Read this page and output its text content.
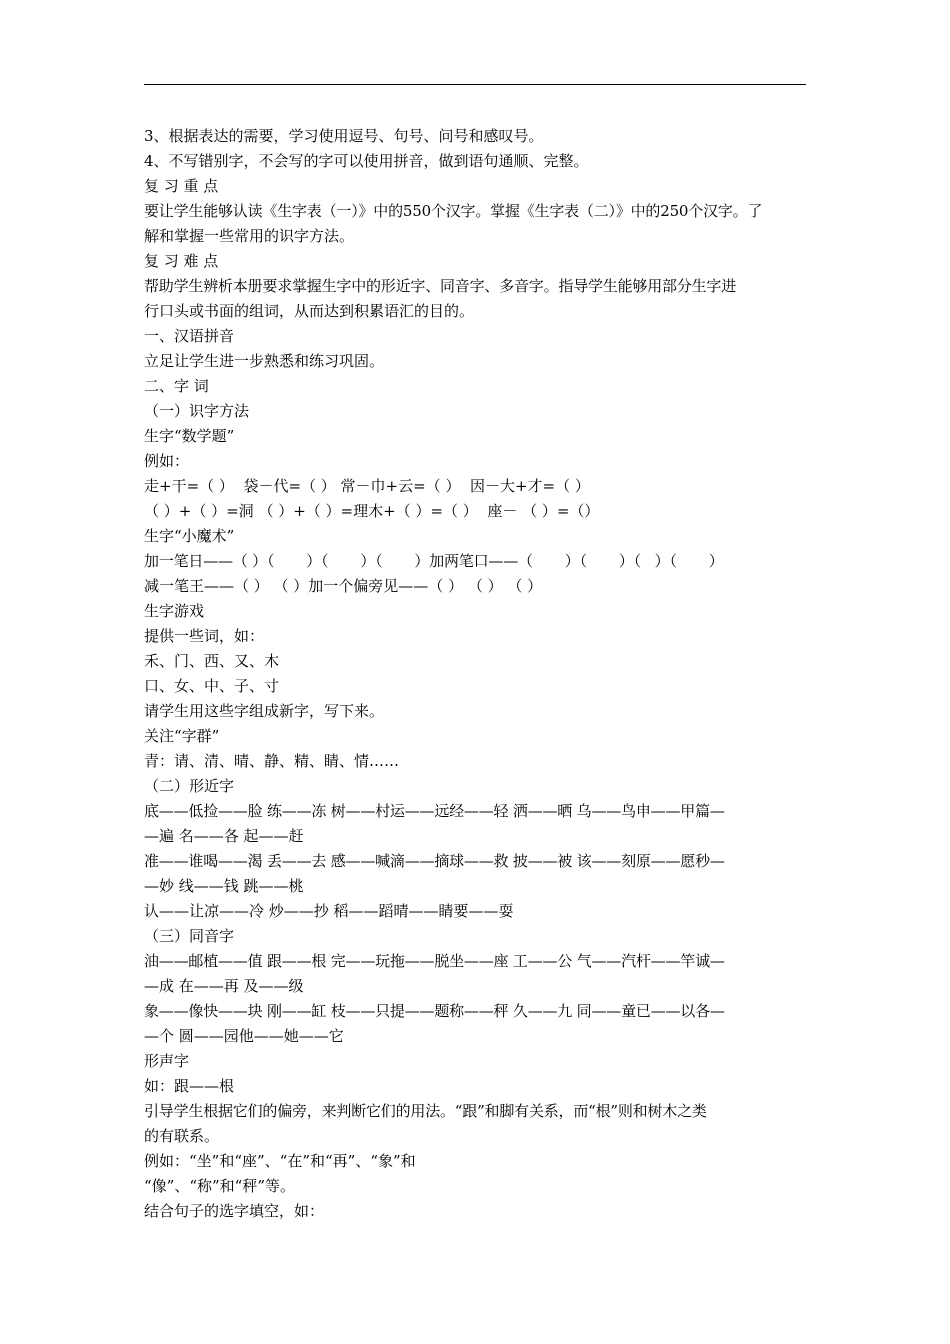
3、根据表达的需要，学习使用逗号、句号、问号和感叹号。
4、不写错别字，不会写的字可以使用拼音，做到语句通顺、完整。
复 习 重 点
要让学生能够认读《生字表（一）》中的550个汉字。掌握《生字表（二）》中的250个汉字。了
解和掌握一些常用的识字方法。
复 习 难 点
帮助学生辨析本册要求掌握生字中的形近字、同音字、多音字。指导学生能够用部分生字进
行口头或书面的组词，从而达到积累语汇的目的。
一、汉语拼音
立足让学生进一步熟悉和练习巩固。
二、字 词
（一）识字方法
生字“数学题”
例如：
走+干=（ ）  袋－代=（ ） 常－巾+云=（ ）  因－大+才=（ ）
（ ）+（ ）=洞 （ ）+（ ）=理木+（ ）=（ ）  座－ （ ）=（）
生字“小魔术”
加一笔日——（ ）（       ）（       ）（       ）加两笔口——（       ）（       ）（   ）（       ）
减一笔王——（ ） （ ）加一个偏旁见——（ ） （ ） （ ）
生字游戏
提供一些词，如：
禾、门、西、又、木
口、女、中、子、寸
请学生用这些字组成新字，写下来。
关注“字群”
青：请、清、晴、静、精、睛、情……
（二）形近字
底——低捡——脸 练——冻 树——村运——远经——轻 洒——晒 乌——鸟申——甲篇—
—遍 名——各 起——赶
准——谁喝——渴 丢——去 感——喊滴——摘球——救 披——被 该——刻原——愿秒—
—妙 线——钱 跳——桃
认——让凉——冷 炒——抄 稻——蹈晴——睛要——耍
（三）同音字
油——邮植——值 跟——根 完——玩拖——脱坐——座 工——公 气——汽杆——竿诚—
—成 在——再 及——级
象——像快——块 刚——缸 枝——只提——题称——秤 久——九 同——童已——以各—
—个 圆——园他——她——它
形声字
如：跟——根
引导学生根据它们的偏旁，来判断它们的用法。“跟”和脚有关系，而“根”则和树木之类
的有联系。
例如：“坐”和“座”、“在”和“再”、“象”和
“像”、“称”和“秤”等。
结合句子的选字填空，如：
